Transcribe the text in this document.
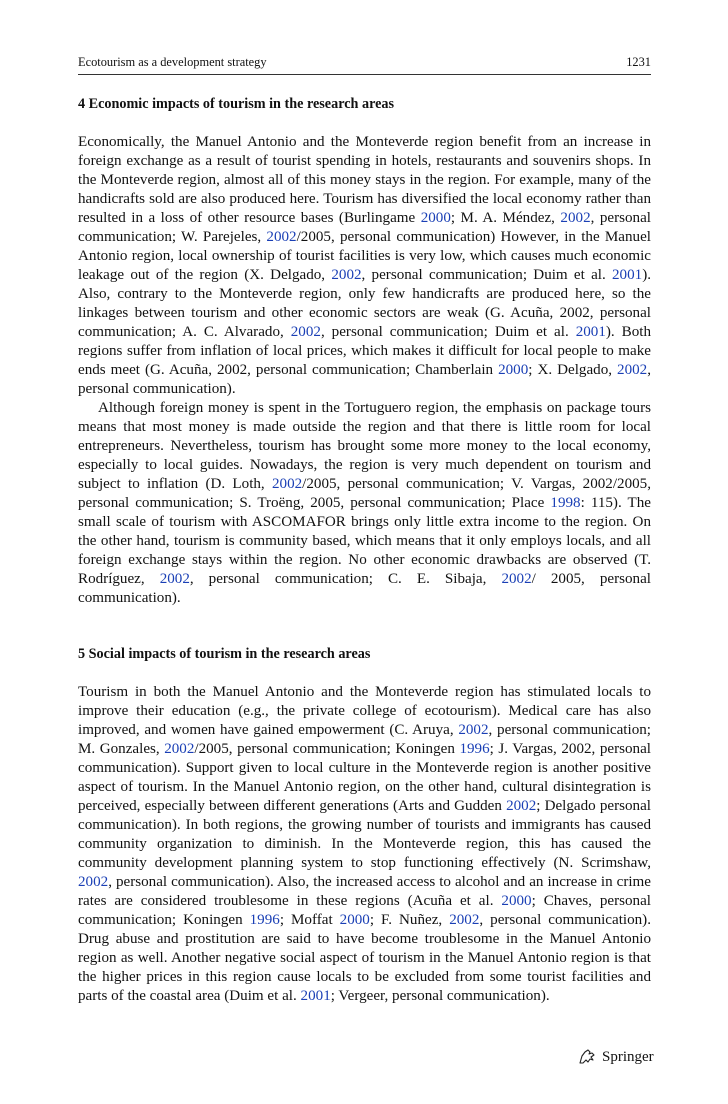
Ecotourism as a development strategy	1231
4 Economic impacts of tourism in the research areas

Economically, the Manuel Antonio and the Monteverde region benefit from an increase in foreign exchange as a result of tourist spending in hotels, restaurants and souvenirs shops. In the Monteverde region, almost all of this money stays in the region. For example, many of the handicrafts sold are also produced here. Tourism has diversified the local economy rather than resulted in a loss of other resource bases (Burlingame 2000; M. A. Méndez, 2002, personal communication; W. Parejeles, 2002/2005, personal communication) However, in the Manuel Antonio region, local ownership of tourist facilities is very low, which causes much economic leakage out of the region (X. Delgado, 2002, personal communication; Duim et al. 2001). Also, contrary to the Monteverde region, only few handicrafts are produced here, so the linkages between tourism and other economic sectors are weak (G. Acuña, 2002, personal communication; A. C. Alvarado, 2002, personal communication; Duim et al. 2001). Both regions suffer from inflation of local prices, which makes it difficult for local people to make ends meet (G. Acuña, 2002, personal communication; Chamberlain 2000; X. Delgado, 2002, personal communication).

Although foreign money is spent in the Tortuguero region, the emphasis on package tours means that most money is made outside the region and that there is little room for local entrepreneurs. Nevertheless, tourism has brought some more money to the local economy, especially to local guides. Nowadays, the region is very much dependent on tourism and subject to inflation (D. Loth, 2002/2005, personal communication; V. Vargas, 2002/2005, personal communication; S. Troëng, 2005, personal communication; Place 1998: 115). The small scale of tourism with ASCOMAFOR brings only little extra income to the region. On the other hand, tourism is community based, which means that it only employs locals, and all foreign exchange stays within the region. No other economic drawbacks are observed (T. Rodríguez, 2002, personal communication; C. E. Sibaja, 2002/ 2005, personal communication).

5 Social impacts of tourism in the research areas

Tourism in both the Manuel Antonio and the Monteverde region has stimulated locals to improve their education (e.g., the private college of ecotourism). Medical care has also improved, and women have gained empowerment (C. Aruya, 2002, personal communication; M. Gonzales, 2002/2005, personal communication; Koningen 1996; J. Vargas, 2002, personal communication). Support given to local culture in the Monteverde region is another positive aspect of tourism. In the Manuel Antonio region, on the other hand, cultural disintegration is perceived, especially between different generations (Arts and Gudden 2002; Delgado personal communication). In both regions, the growing number of tourists and immigrants has caused community organization to diminish. In the Monteverde region, this has caused the community development planning system to stop functioning effectively (N. Scrimshaw, 2002, personal communication). Also, the increased access to alcohol and an increase in crime rates are considered troublesome in these regions (Acuña et al. 2000; Chaves, personal communication; Koningen 1996; Moffat 2000; F. Nuñez, 2002, personal communication). Drug abuse and prostitution are said to have become troublesome in the Manuel Antonio region as well. Another negative social aspect of tourism in the Manuel Antonio region is that the higher prices in this region cause locals to be excluded from some tourist facilities and parts of the coastal area (Duim et al. 2001; Vergeer, personal communication).

Springer
